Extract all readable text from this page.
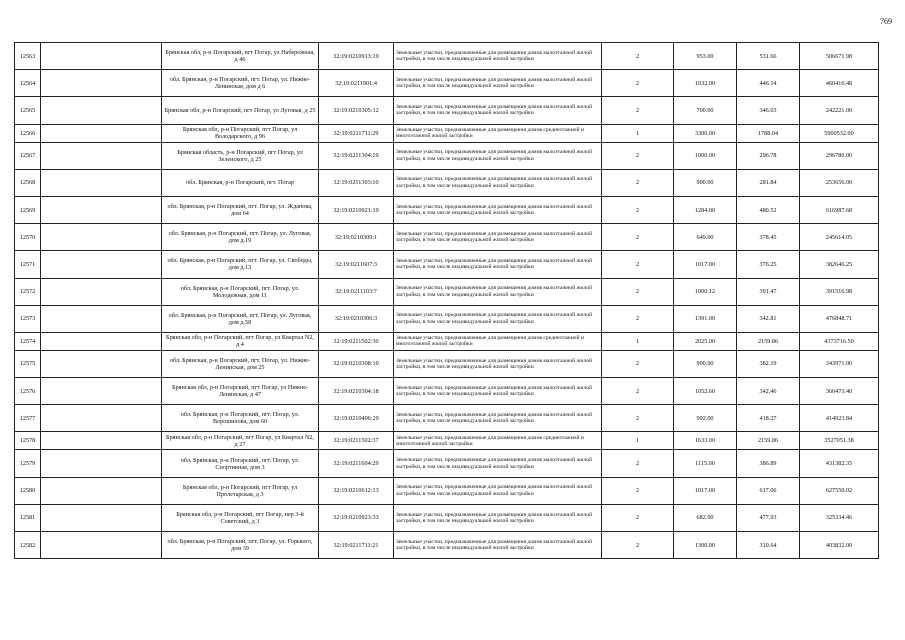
769
12563		Брянская обл, р-н Погарский, пгт Погар, ул Набережная, д 46	32:19:0210913:19	Земельные участки, предназначенные для размещения домов малоэтажной жилой застройки, в том числе индивидуальной жилой застройки	2	953.00	531.66	506671.98
12564		обл. Брянская, р-н Погарский, пгт. Погар, ул. Нижне-Ленинская, дом д 6	32:19:0211901:4	Земельные участки, предназначенные для размещения домов малоэтажной жилой застройки, в том числе индивидуальной жилой застройки	2	1032.00	446.14	460416.48
12565		Брянская обл, р-н Погарский, пгт Погар, ул Луговая, д 25	32:19:0210305:12	Земельные участки, предназначенные для размещения домов малоэтажной жилой застройки, в том числе индивидуальной жилой застройки	2	700.00	346.03	242221.00
12566		Брянская обл, р-н Погарский, пгт Погар, ул Володарского, д 96	32:19:0211711:29	Земельные участки, предназначенные для размещения домов среднеэтажной и многоэтажной жилой застройки	1	3300.00	1788.04	5900532.00
12567		Брянская область, р-н Погарский, пгт Погар, ул Зеленского, д 25	32:19:0211304:19	Земельные участки, предназначенные для размещения домов малоэтажной жилой застройки, в том числе индивидуальной жилой застройки	2	1000.00	296.78	296780.00
12568		обл. Брянская, р-н Погарский, пгт. Погар	32:19:0211303:10	Земельные участки, предназначенные для размещения домов малоэтажной жилой застройки, в том числе индивидуальной жилой застройки	2	900.00	281.84	253656.00
12569		обл. Брянская, р-н Погарский, пгт. Погар, ул. Жданова, дом 64	32:19:0210921:19	Земельные участки, предназначенные для размещения домов малоэтажной жилой застройки, в том числе индивидуальной жилой застройки	2	1284.00	480.52	616987.68
12570		обл. Брянская, р-н Погарский, пгт. Погар, ул. Луговая, дом д.19	32:19:0210309:1	Земельные участки, предназначенные для размещения домов малоэтажной жилой застройки, в том числе индивидуальной жилой застройки	2	649.00	378.45	245614.05
12571		обл. Брянская, р-н Погарский, пгт. Погар, ул. Свободы, дом д.13	32:19:0211607:3	Земельные участки, предназначенные для размещения домов малоэтажной жилой застройки, в том числе индивидуальной жилой застройки	2	1017.00	376.25	382646.25
12572		обл. Брянская, р-н Погарский, пгт. Погар, ул. Молодежная, дом 11	32:19:0211103:7	Земельные участки, предназначенные для размещения домов малоэтажной жилой застройки, в том числе индивидуальной жилой застройки	2	1000.12	391.47	391516.98
12573		обл. Брянская, р-н Погарский, пгт. Погар, ул. Луговая, дом д.58	32:19:0210306:3	Земельные участки, предназначенные для размещения домов малоэтажной жилой застройки, в том числе индивидуальной жилой застройки	2	1391.00	342.81	476848.71
12574		Брянская обл, р-н Погарский, пгт Погар, ул Квартал N2, д 4	32:19:0211502:30	Земельные участки, предназначенные для размещения домов среднеэтажной и многоэтажной жилой застройки	1	2025.00	2159.86	4373716.50
12575		обл. Брянская, р-н Погарский, пгт. Погар, ул. Нижне-Ленинская, дом 25	32:19:0210308:10	Земельные участки, предназначенные для размещения домов малоэтажной жилой застройки, в том числе индивидуальной жилой застройки	2	900.00	382.19	343971.00
12576		Брянская обл, р-н Погарский, пгт Погар, ул Нижне-Ленинская, д 47	32:19:0210304:18	Земельные участки, предназначенные для размещения домов малоэтажной жилой застройки, в том числе индивидуальной жилой застройки	2	1052.60	342.46	360473.40
12577		обл. Брянская, р-н Погарский, пгт. Погар, ул. Ворошилова, дом 60	32:19:0210406:29	Земельные участки, предназначенные для размещения домов малоэтажной жилой застройки, в том числе индивидуальной жилой застройки	2	992.00	418.27	414923.84
12578		Брянская обл, р-н Погарский, пгт Погар, ул Квартал N2, д 27	32:19:0211502:37	Земельные участки, предназначенные для размещения домов среднеэтажной и многоэтажной жилой застройки	1	1633.00	2159.86	3527051.38
12579		обл. Брянская, р-н Погарский, пгт. Погар, ул. Спортивная, дом 3	32:19:0211604:29	Земельные участки, предназначенные для размещения домов малоэтажной жилой застройки, в том числе индивидуальной жилой застройки	2	1115.00	386.89	431382.35
12580		Брянская обл, р-н Погарский, пгт Погар, ул Пролетарская, д 3	32:19:0210612:13	Земельные участки, предназначенные для размещения домов малоэтажной жилой застройки, в том числе индивидуальной жилой застройки	2	1017.00	617.06	627550.02
12581		Брянская обл, р-н Погарский, пгт Погар, пер 3-й Советский, д 3	32:19:0210923:33	Земельные участки, предназначенные для размещения домов малоэтажной жилой застройки, в том числе индивидуальной жилой застройки	2	682.00	477.03	325334.46
12582		обл. Брянская, р-н Погарский, пгт. Погар, ул. Горького, дом 39	32:19:0211711:21	Земельные участки, предназначенные для размещения домов малоэтажной жилой застройки, в том числе индивидуальной жилой застройки	2	1300.00	310.64	403832.00
